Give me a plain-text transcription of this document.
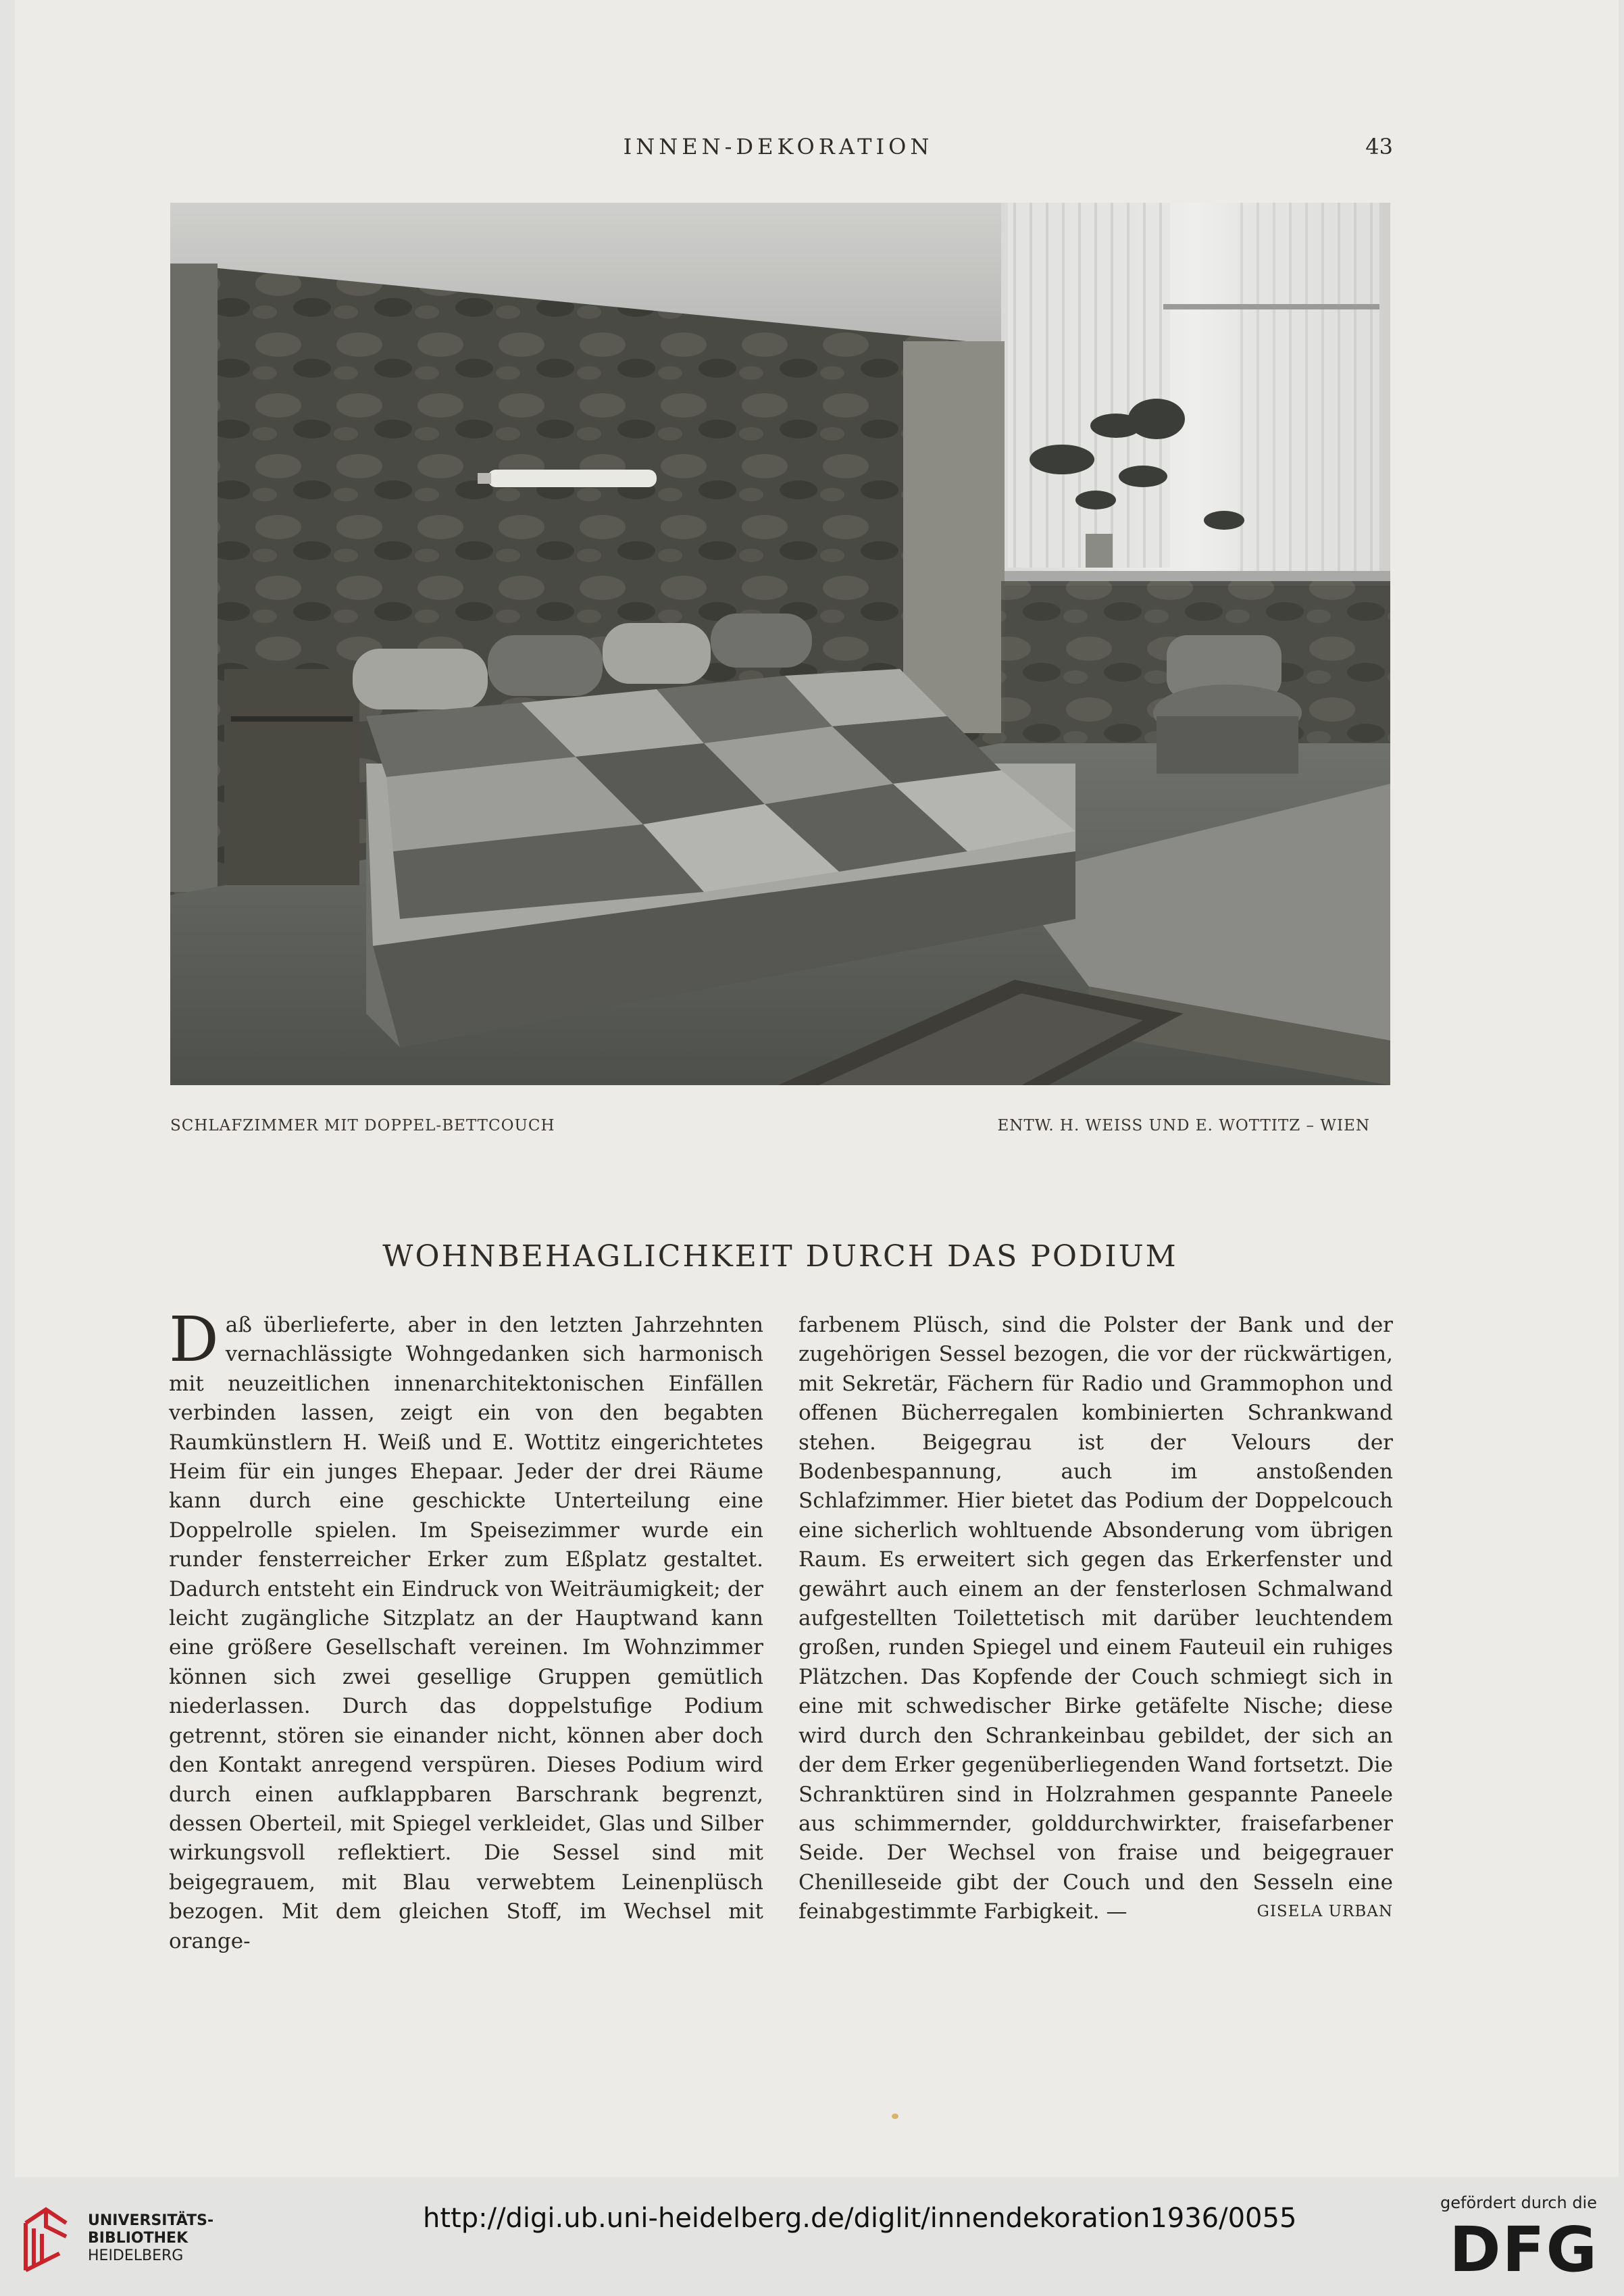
INNEN-DEKORATION	43
SCHLAFZIMMER MIT DOPPEL-BETTCOUCH	ENTW. H. WEISS UND E. WOTTITZ – WIEN
WOHNBEHAGLICHKEIT DURCH DAS PODIUM

Daß überlieferte, aber in den letzten Jahrzehnten vernachlässigte Wohngedanken sich harmonisch mit neuzeitlichen innenarchitektonischen Einfällen verbinden lassen, zeigt ein von den begabten Raumkünstlern H. Weiß und E. Wottitz eingerichtetes Heim für ein junges Ehepaar. Jeder der drei Räume kann durch eine geschickte Unterteilung eine Doppelrolle spielen. Im Speisezimmer wurde ein runder fensterreicher Erker zum Eßplatz gestaltet. Dadurch entsteht ein Eindruck von Weiträumigkeit; der leicht zugängliche Sitzplatz an der Hauptwand kann eine größere Gesellschaft vereinen. Im Wohnzimmer können sich zwei gesellige Gruppen gemütlich niederlassen. Durch das doppelstufige Podium getrennt, stören sie einander nicht, können aber doch den Kontakt anregend verspüren. Dieses Podium wird durch einen aufklappbaren Barschrank begrenzt, dessen Oberteil, mit Spiegel verkleidet, Glas und Silber wirkungsvoll reflektiert. Die Sessel sind mit beigegrauem, mit Blau verwebtem Leinenplüsch bezogen. Mit dem gleichen Stoff, im Wechsel mit orange-

farbenem Plüsch, sind die Polster der Bank und der zugehörigen Sessel bezogen, die vor der rückwärtigen, mit Sekretär, Fächern für Radio und Grammophon und offenen Bücherregalen kombinierten Schrankwand stehen. Beigegrau ist der Velours der Bodenbespannung, auch im anstoßenden Schlafzimmer. Hier bietet das Podium der Doppelcouch eine sicherlich wohltuende Absonderung vom übrigen Raum. Es erweitert sich gegen das Erkerfenster und gewährt auch einem an der fensterlosen Schmalwand aufgestellten Toilettetisch mit darüber leuchtendem großen, runden Spiegel und einem Fauteuil ein ruhiges Plätzchen. Das Kopfende der Couch schmiegt sich in eine mit schwedischer Birke getäfelte Nische; diese wird durch den Schrankeinbau gebildet, der sich an der dem Erker gegenüberliegenden Wand fortsetzt. Die Schranktüren sind in Holzrahmen gespannte Paneele aus schimmernder, golddurchwirkter, fraisefarbener Seide. Der Wechsel von fraise und beigegrauer Chenilleseide gibt der Couch und den Sesseln eine feinabgestimmte Farbigkeit. —	GISELA URBAN

UNIVERSITÄTS-
BIBLIOTHEK
HEIDELBERG
http://digi.ub.uni-heidelberg.de/diglit/innendekoration1936/0055	gefördert durch die
DFG
